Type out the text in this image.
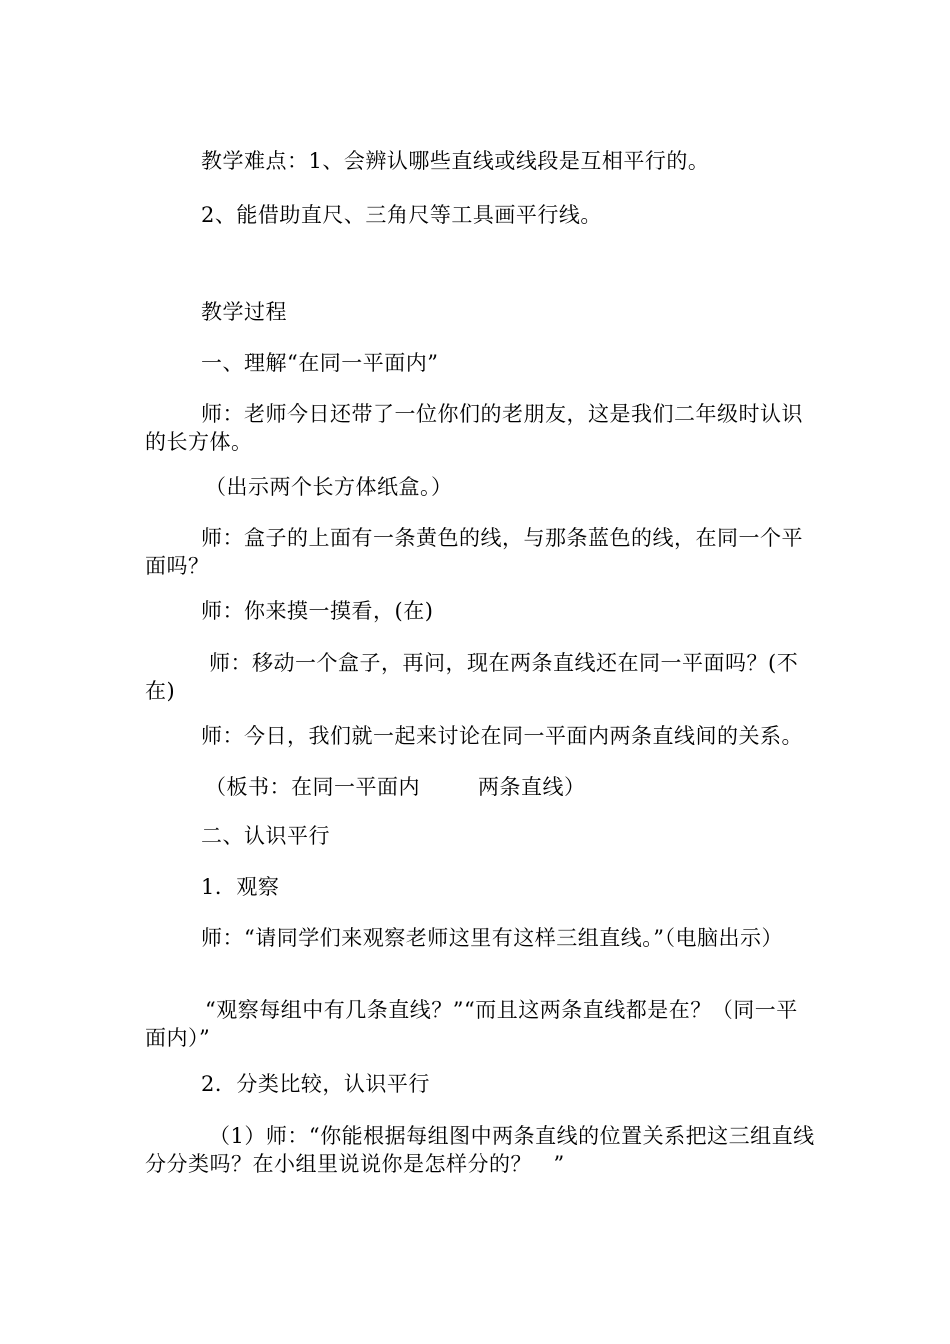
教学难点：1、会辨认哪些直线或线段是互相平行的。

2、能借助直尺、三角尺等工具画平行线。

教学过程

一、理解“在同一平面内”

师：老师今日还带了一位你们的老朋友，这是我们二年级时认识的长方体。

（出示两个长方体纸盒。）

师：盒子的上面有一条黄色的线，与那条蓝色的线，在同一个平面吗？

师：你来摸一摸看，(在)

师：移动一个盒子，再问，现在两条直线还在同一平面吗？(不在)

师：今日，我们就一起来讨论在同一平面内两条直线间的关系。

（板书：在同一平面内	两条直线）

二、认识平行

1．观察

师：“请同学们来观察老师这里有这样三组直线。”（电脑出示）

“观察每组中有几条直线？”“而且这两条直线都是在？（同一平面内）”

2．分类比较，认识平行

（1）师：“你能根据每组图中两条直线的位置关系把这三组直线分分类吗？在小组里说说你是怎样分的？　”
